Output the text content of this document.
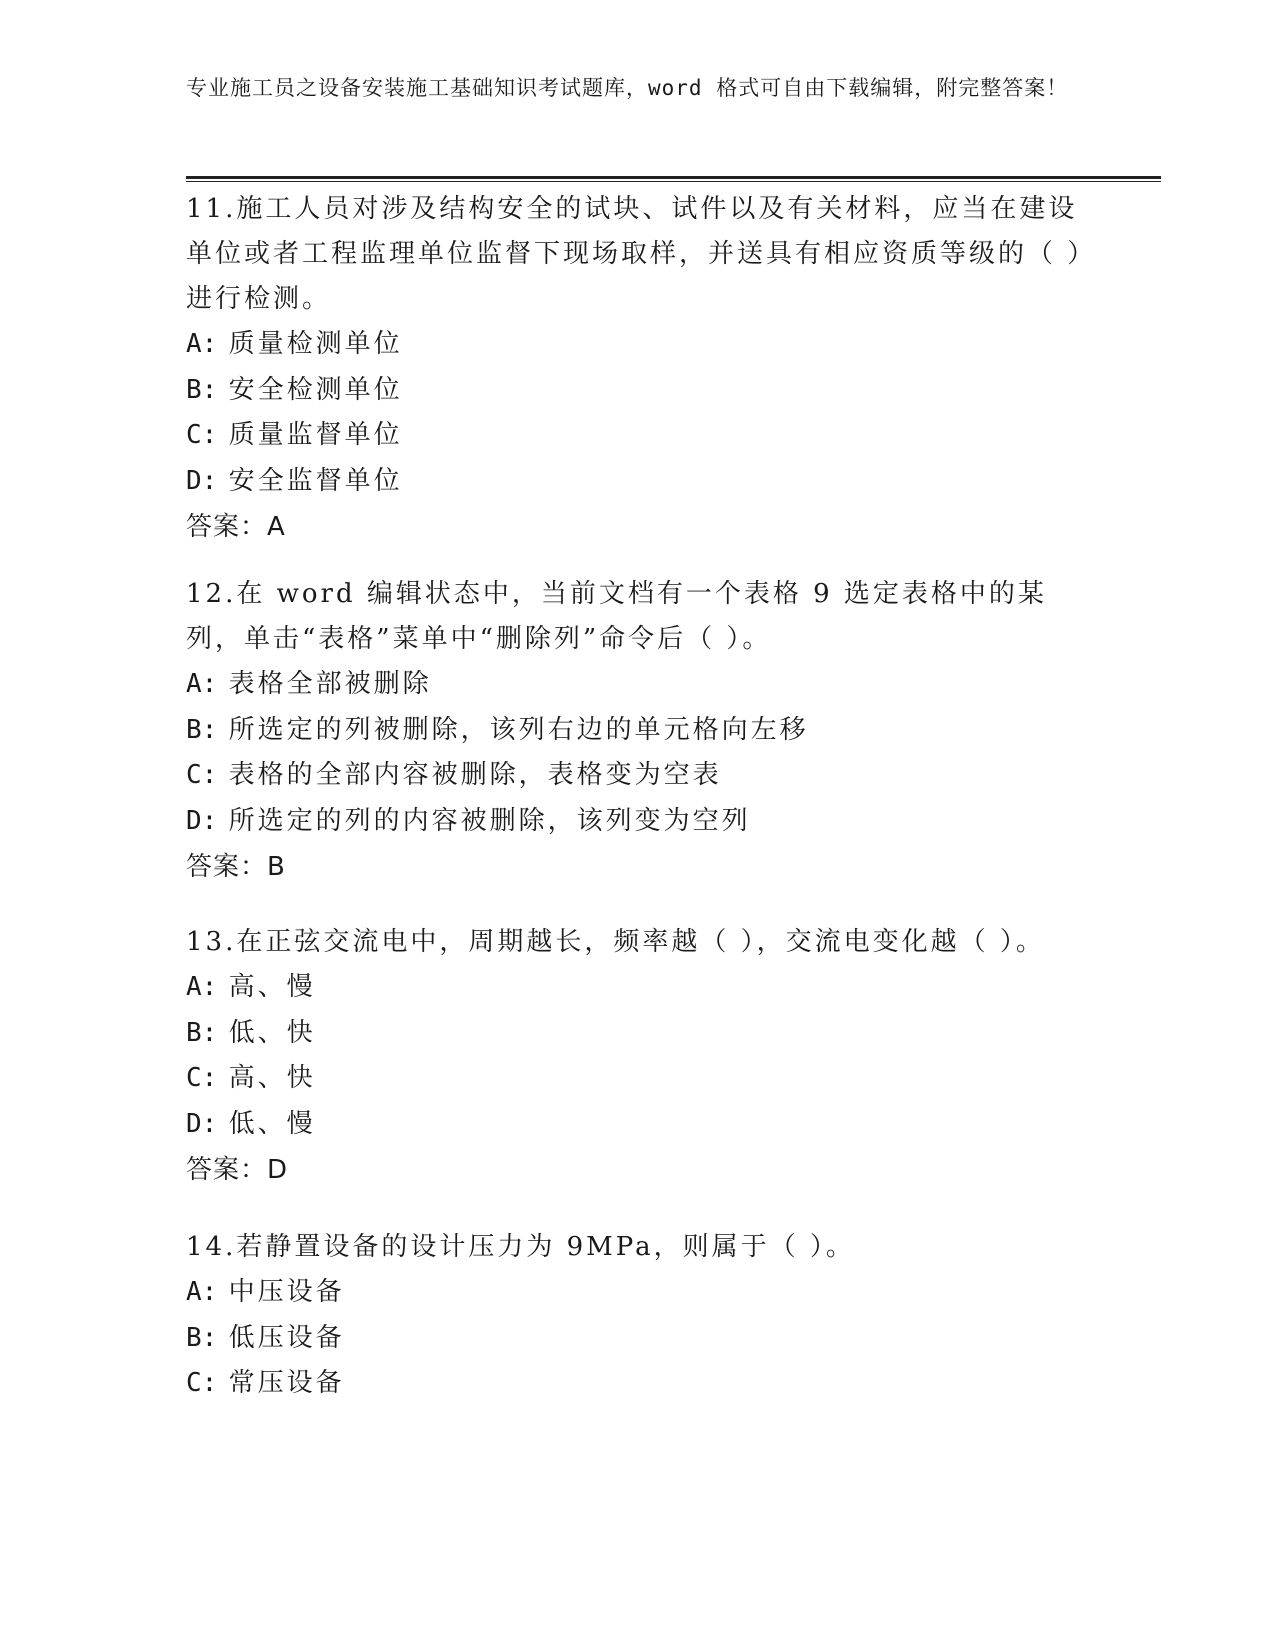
专业施工员之设备安装施工基础知识考试题库，word 格式可自由下载编辑，附完整答案！
11.施工人员对涉及结构安全的试块、试件以及有关材料，应当在建设单位或者工程监理单位监督下现场取样，并送具有相应资质等级的（ ）进行检测。
A: 质量检测单位
B: 安全检测单位
C: 质量监督单位
D: 安全监督单位
答案：A
12.在 word 编辑状态中，当前文档有一个表格 9 选定表格中的某列，单击“表格”菜单中“删除列”命令后（ ）。
A: 表格全部被删除
B: 所选定的列被删除，该列右边的单元格向左移
C: 表格的全部内容被删除，表格变为空表
D: 所选定的列的内容被删除，该列变为空列
答案：B
13.在正弦交流电中，周期越长，频率越（ ），交流电变化越（ ）。
A: 高、慢
B: 低、快
C: 高、快
D: 低、慢
答案：D
14.若静置设备的设计压力为 9MPa，则属于（ ）。
A: 中压设备
B: 低压设备
C: 常压设备
